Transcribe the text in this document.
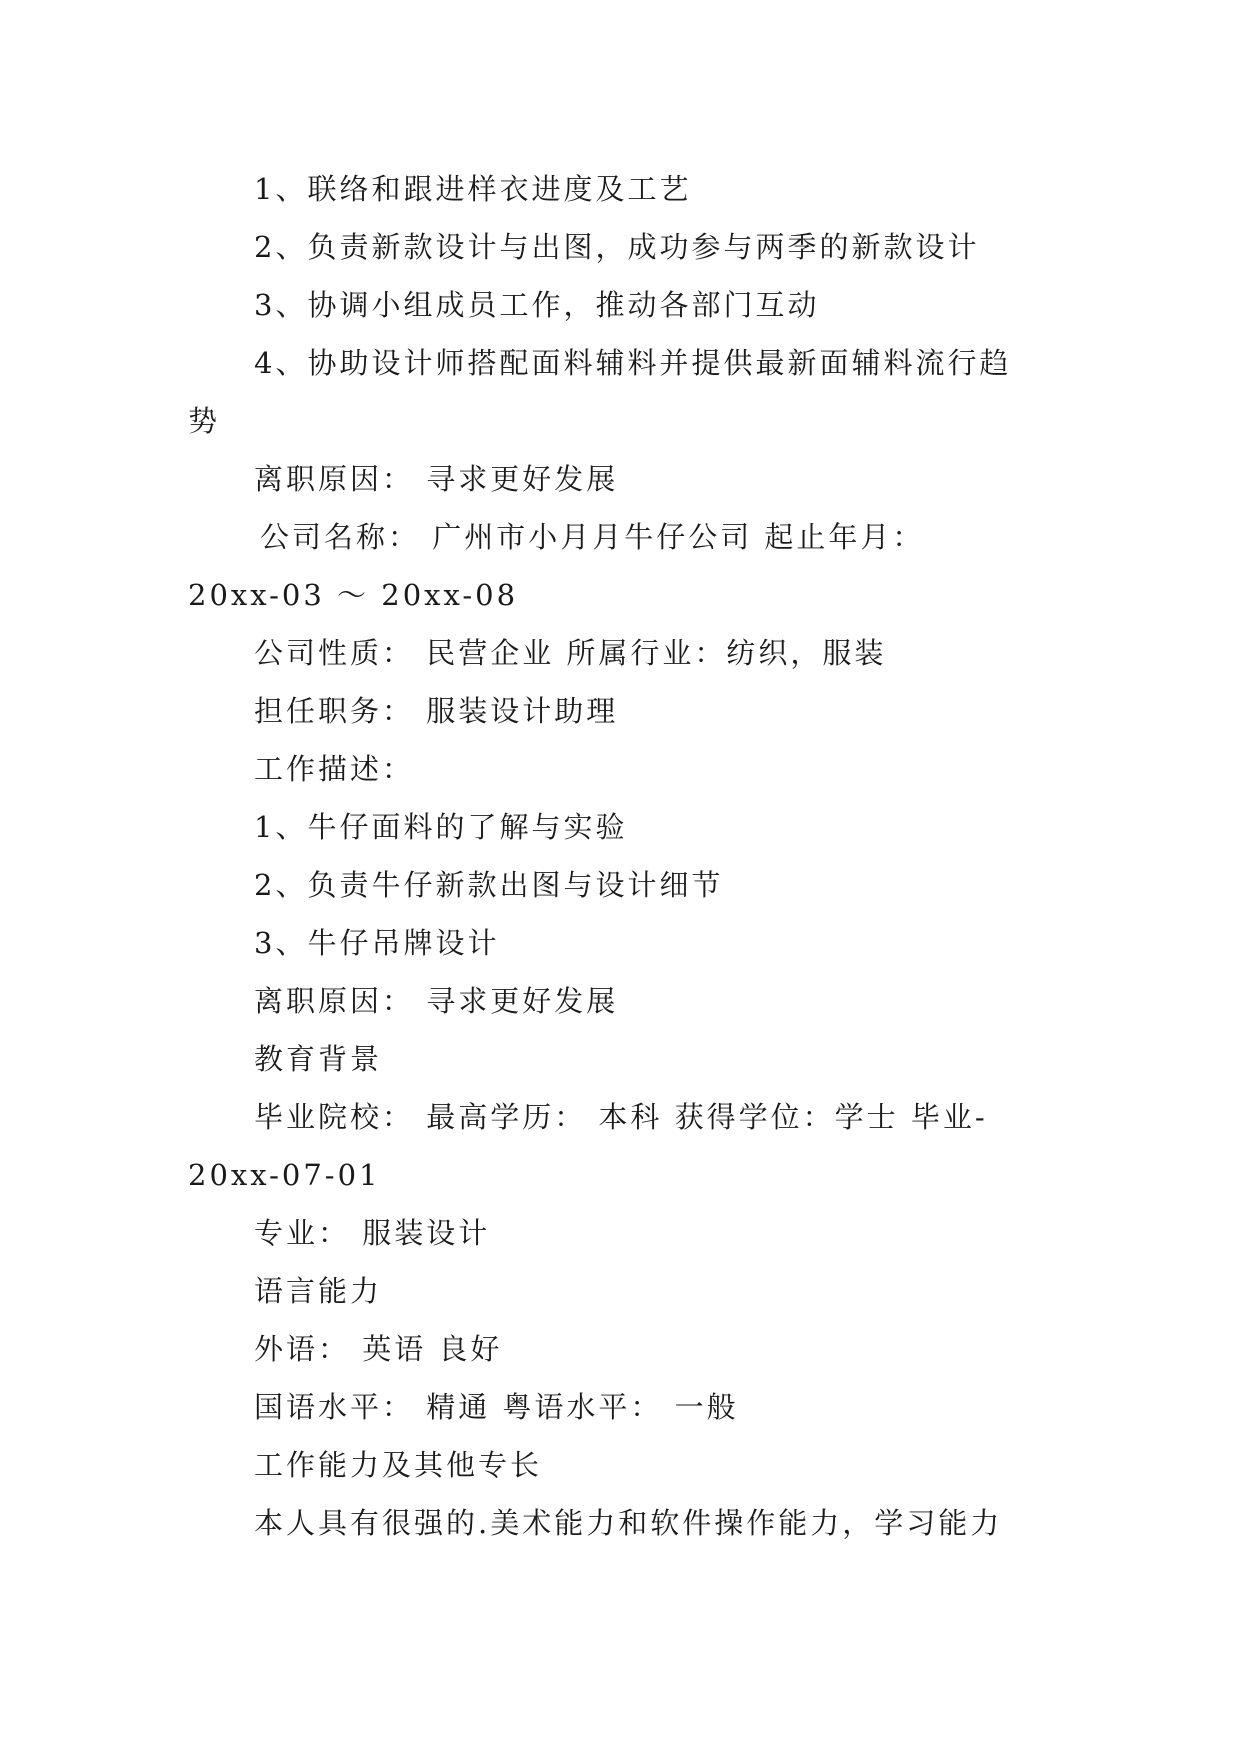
1、联络和跟进样衣进度及工艺
2、负责新款设计与出图，成功参与两季的新款设计
3、协调小组成员工作，推动各部门互动
4、协助设计师搭配面料辅料并提供最新面辅料流行趋
势
离职原因： 寻求更好发展
公司名称： 广州市小月月牛仔公司 起止年月：
20xx-03 ～ 20xx-08
公司性质： 民营企业 所属行业：纺织，服装
担任职务： 服装设计助理
工作描述：
1、牛仔面料的了解与实验
2、负责牛仔新款出图与设计细节
3、牛仔吊牌设计
离职原因： 寻求更好发展
教育背景
毕业院校： 最高学历： 本科 获得学位：学士 毕业-
20xx-07-01
专业： 服装设计
语言能力
外语： 英语 良好
国语水平： 精通 粤语水平： 一般
工作能力及其他专长
本人具有很强的.美术能力和软件操作能力，学习能力
